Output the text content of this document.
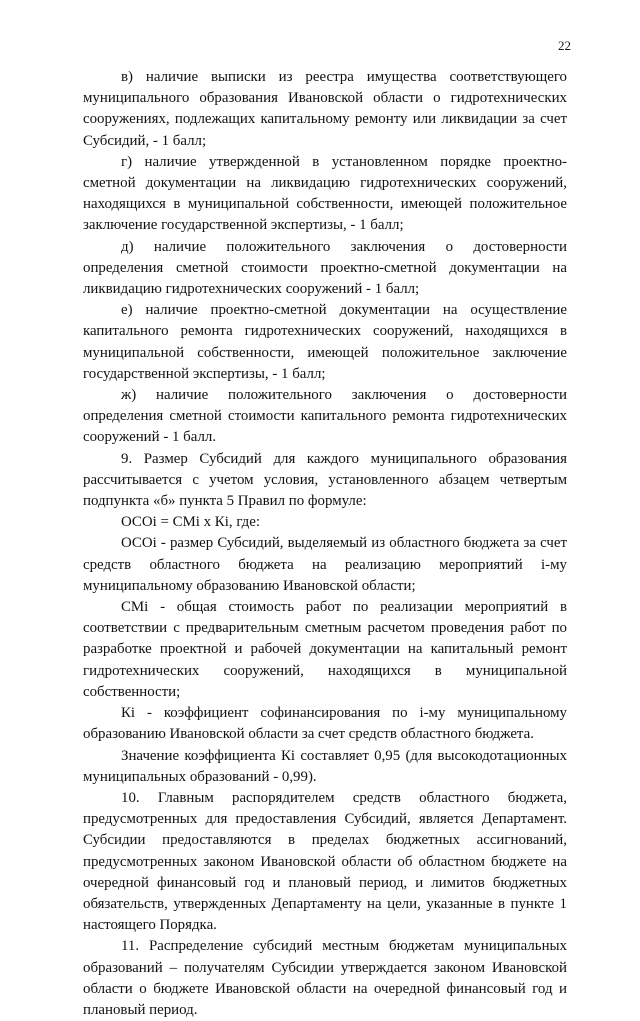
22

в) наличие выписки из реестра имущества соответствующего муниципального образования Ивановской области о гидротехнических сооружениях, подлежащих капитальному ремонту или ликвидации за счет Субсидий, - 1 балл;

г) наличие утвержденной в установленном порядке проектно-сметной документации на ликвидацию гидротехнических сооружений, находящихся в муниципальной собственности, имеющей положительное заключение государственной экспертизы, - 1 балл;

д) наличие положительного заключения о достоверности определения сметной стоимости проектно-сметной документации на ликвидацию гидротехнических сооружений - 1 балл;

е) наличие проектно-сметной документации на осуществление капитального ремонта гидротехнических сооружений, находящихся в муниципальной собственности, имеющей положительное заключение государственной экспертизы, - 1 балл;

ж) наличие положительного заключения о достоверности определения сметной стоимости капитального ремонта гидротехнических сооружений - 1 балл.

9. Размер Субсидий для каждого муниципального образования рассчитывается с учетом условия, установленного абзацем четвертым подпункта «б» пункта 5 Правил по формуле:

ОСОi = СМi х Кi, где:

ОСОi - размер Субсидий, выделяемый из областного бюджета за счет средств областного бюджета на реализацию мероприятий i-му муниципальному образованию Ивановской области;

СМi - общая стоимость работ по реализации мероприятий в соответствии с предварительным сметным расчетом проведения работ по разработке проектной и рабочей документации на капитальный ремонт гидротехнических сооружений, находящихся в муниципальной собственности;

Кi - коэффициент софинансирования по i-му муниципальному образованию Ивановской области за счет средств областного бюджета.

Значение коэффициента Кi составляет 0,95 (для высокодотационных муниципальных образований - 0,99).

10. Главным распорядителем средств областного бюджета, предусмотренных для предоставления Субсидий, является Департамент. Субсидии предоставляются в пределах бюджетных ассигнований, предусмотренных законом Ивановской области об областном бюджете на очередной финансовый год и плановый период, и лимитов бюджетных обязательств, утвержденных Департаменту на цели, указанные в пункте 1 настоящего Порядка.

11. Распределение субсидий местным бюджетам муниципальных образований – получателям Субсидии утверждается законом Ивановской области о бюджете Ивановской области на очередной финансовый год и плановый период.
